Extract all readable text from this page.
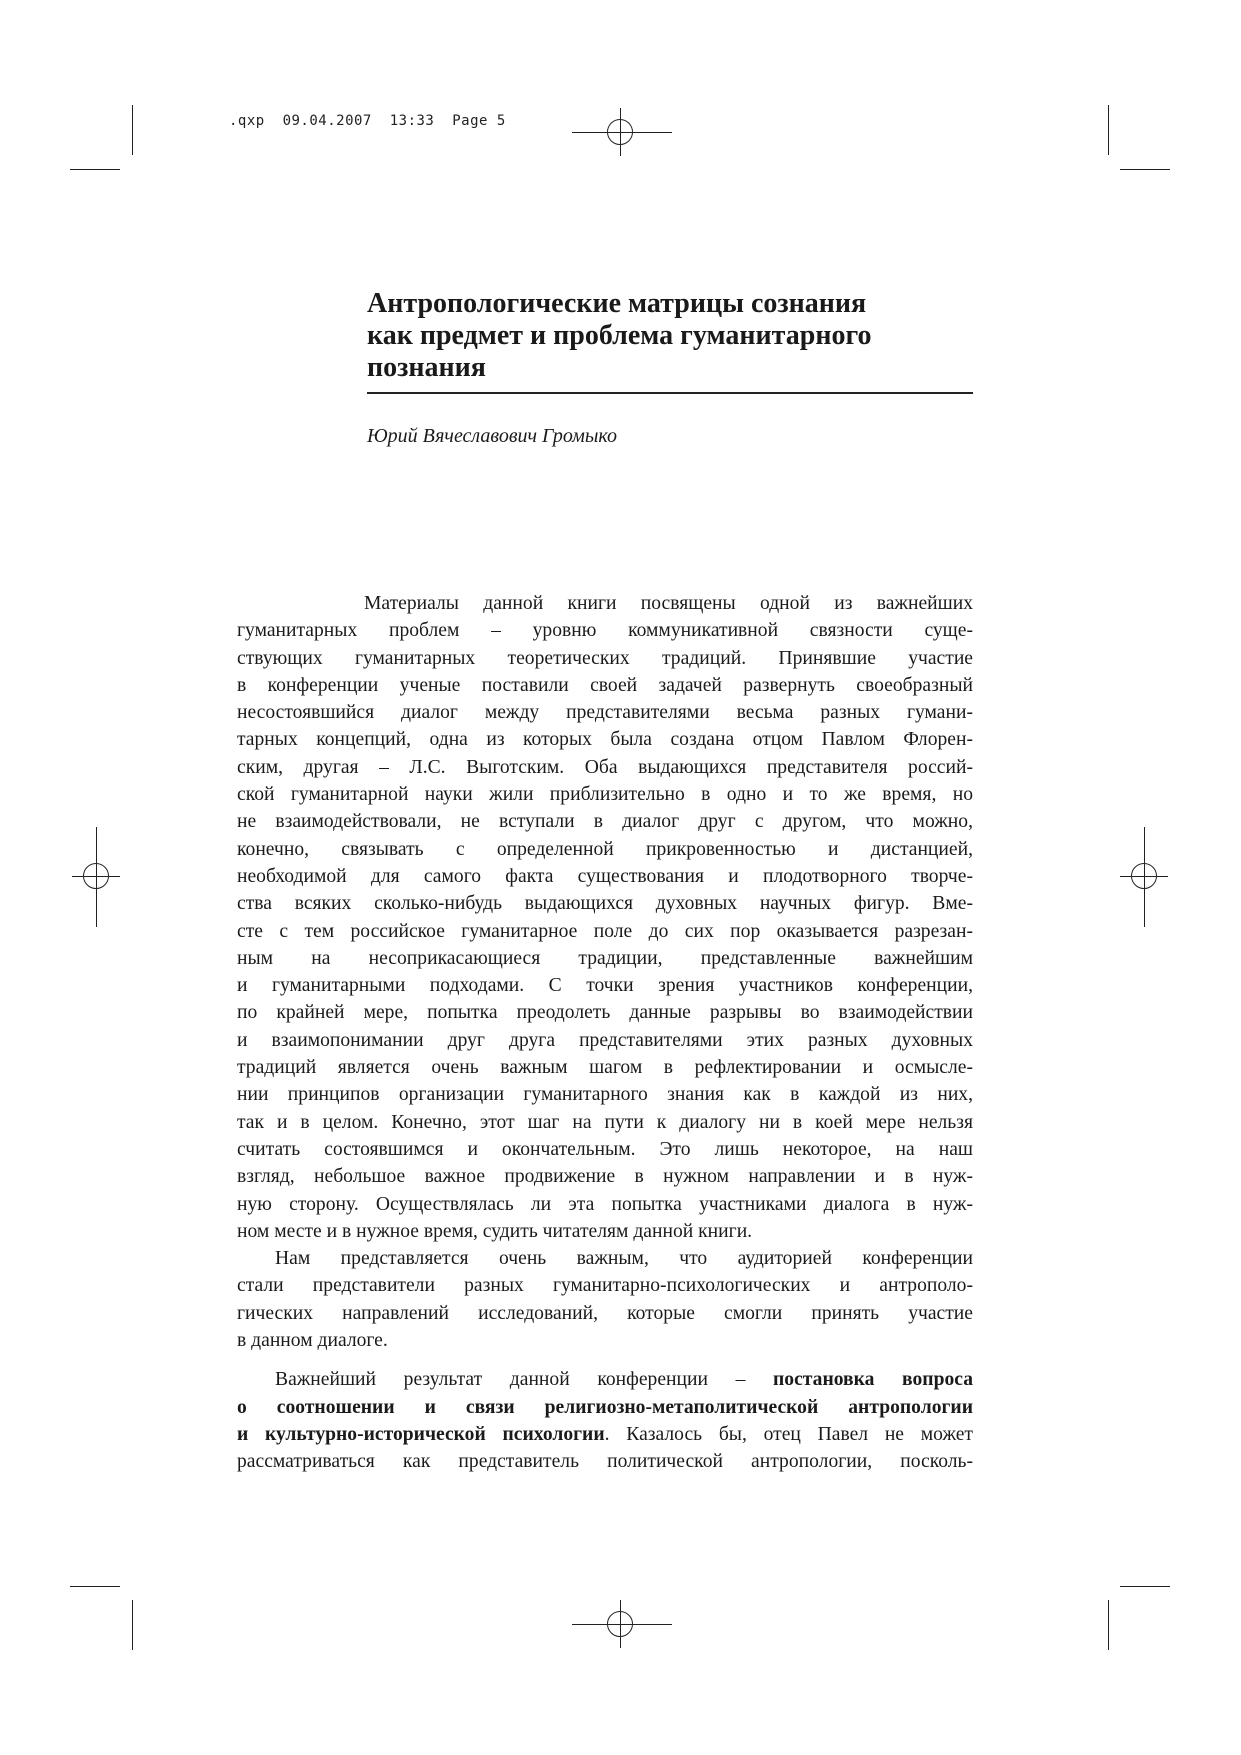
.qxp  09.04.2007  13:33  Page 5
Антропологические матрицы сознания
как предмет и проблема гуманитарного
познания

Юрий Вячеславович Громыко

Материалы данной книги посвящены одной из важнейших
гуманитарных проблем – уровню коммуникативной связности суще-
ствующих гуманитарных теоретических традиций. Принявшие участие
в конференции ученые поставили своей задачей развернуть своеобразный
несостоявшийся диалог между представителями весьма разных гумани-
тарных концепций, одна из которых была создана отцом Павлом Флорен-
ским, другая – Л.С. Выготским. Оба выдающихся представителя россий-
ской гуманитарной науки жили приблизительно в одно и то же время, но
не взаимодействовали, не вступали в диалог друг с другом, что можно,
конечно, связывать с определенной прикровенностью и дистанцией,
необходимой для самого факта существования и плодотворного творче-
ства всяких сколько-нибудь выдающихся духовных научных фигур. Вме-
сте с тем российское гуманитарное поле до сих пор оказывается разрезан-
ным на несоприкасающиеся традиции, представленные важнейшим
и гуманитарными подходами. С точки зрения участников конференции,
по крайней мере, попытка преодолеть данные разрывы во взаимодействии
и взаимопонимании друг друга представителями этих разных духовных
традиций является очень важным шагом в рефлектировании и осмысле-
нии принципов организации гуманитарного знания как в каждой из них,
так и в целом. Конечно, этот шаг на пути к диалогу ни в коей мере нельзя
считать состоявшимся и окончательным. Это лишь некоторое, на наш
взгляд, небольшое важное продвижение в нужном направлении и в нуж-
ную сторону. Осуществлялась ли эта попытка участниками диалога в нуж-
ном месте и в нужное время, судить читателям данной книги.
Нам представляется очень важным, что аудиторией конференции
стали представители разных гуманитарно-психологических и антрополо-
гических направлений исследований, которые смогли принять участие
в данном диалоге.
Важнейший результат данной конференции – постановка вопроса
о соотношении и связи религиозно-метаполитической антропологии
и культурно-исторической психологии. Казалось бы, отец Павел не может
рассматриваться как представитель политической антропологии, посколь-
